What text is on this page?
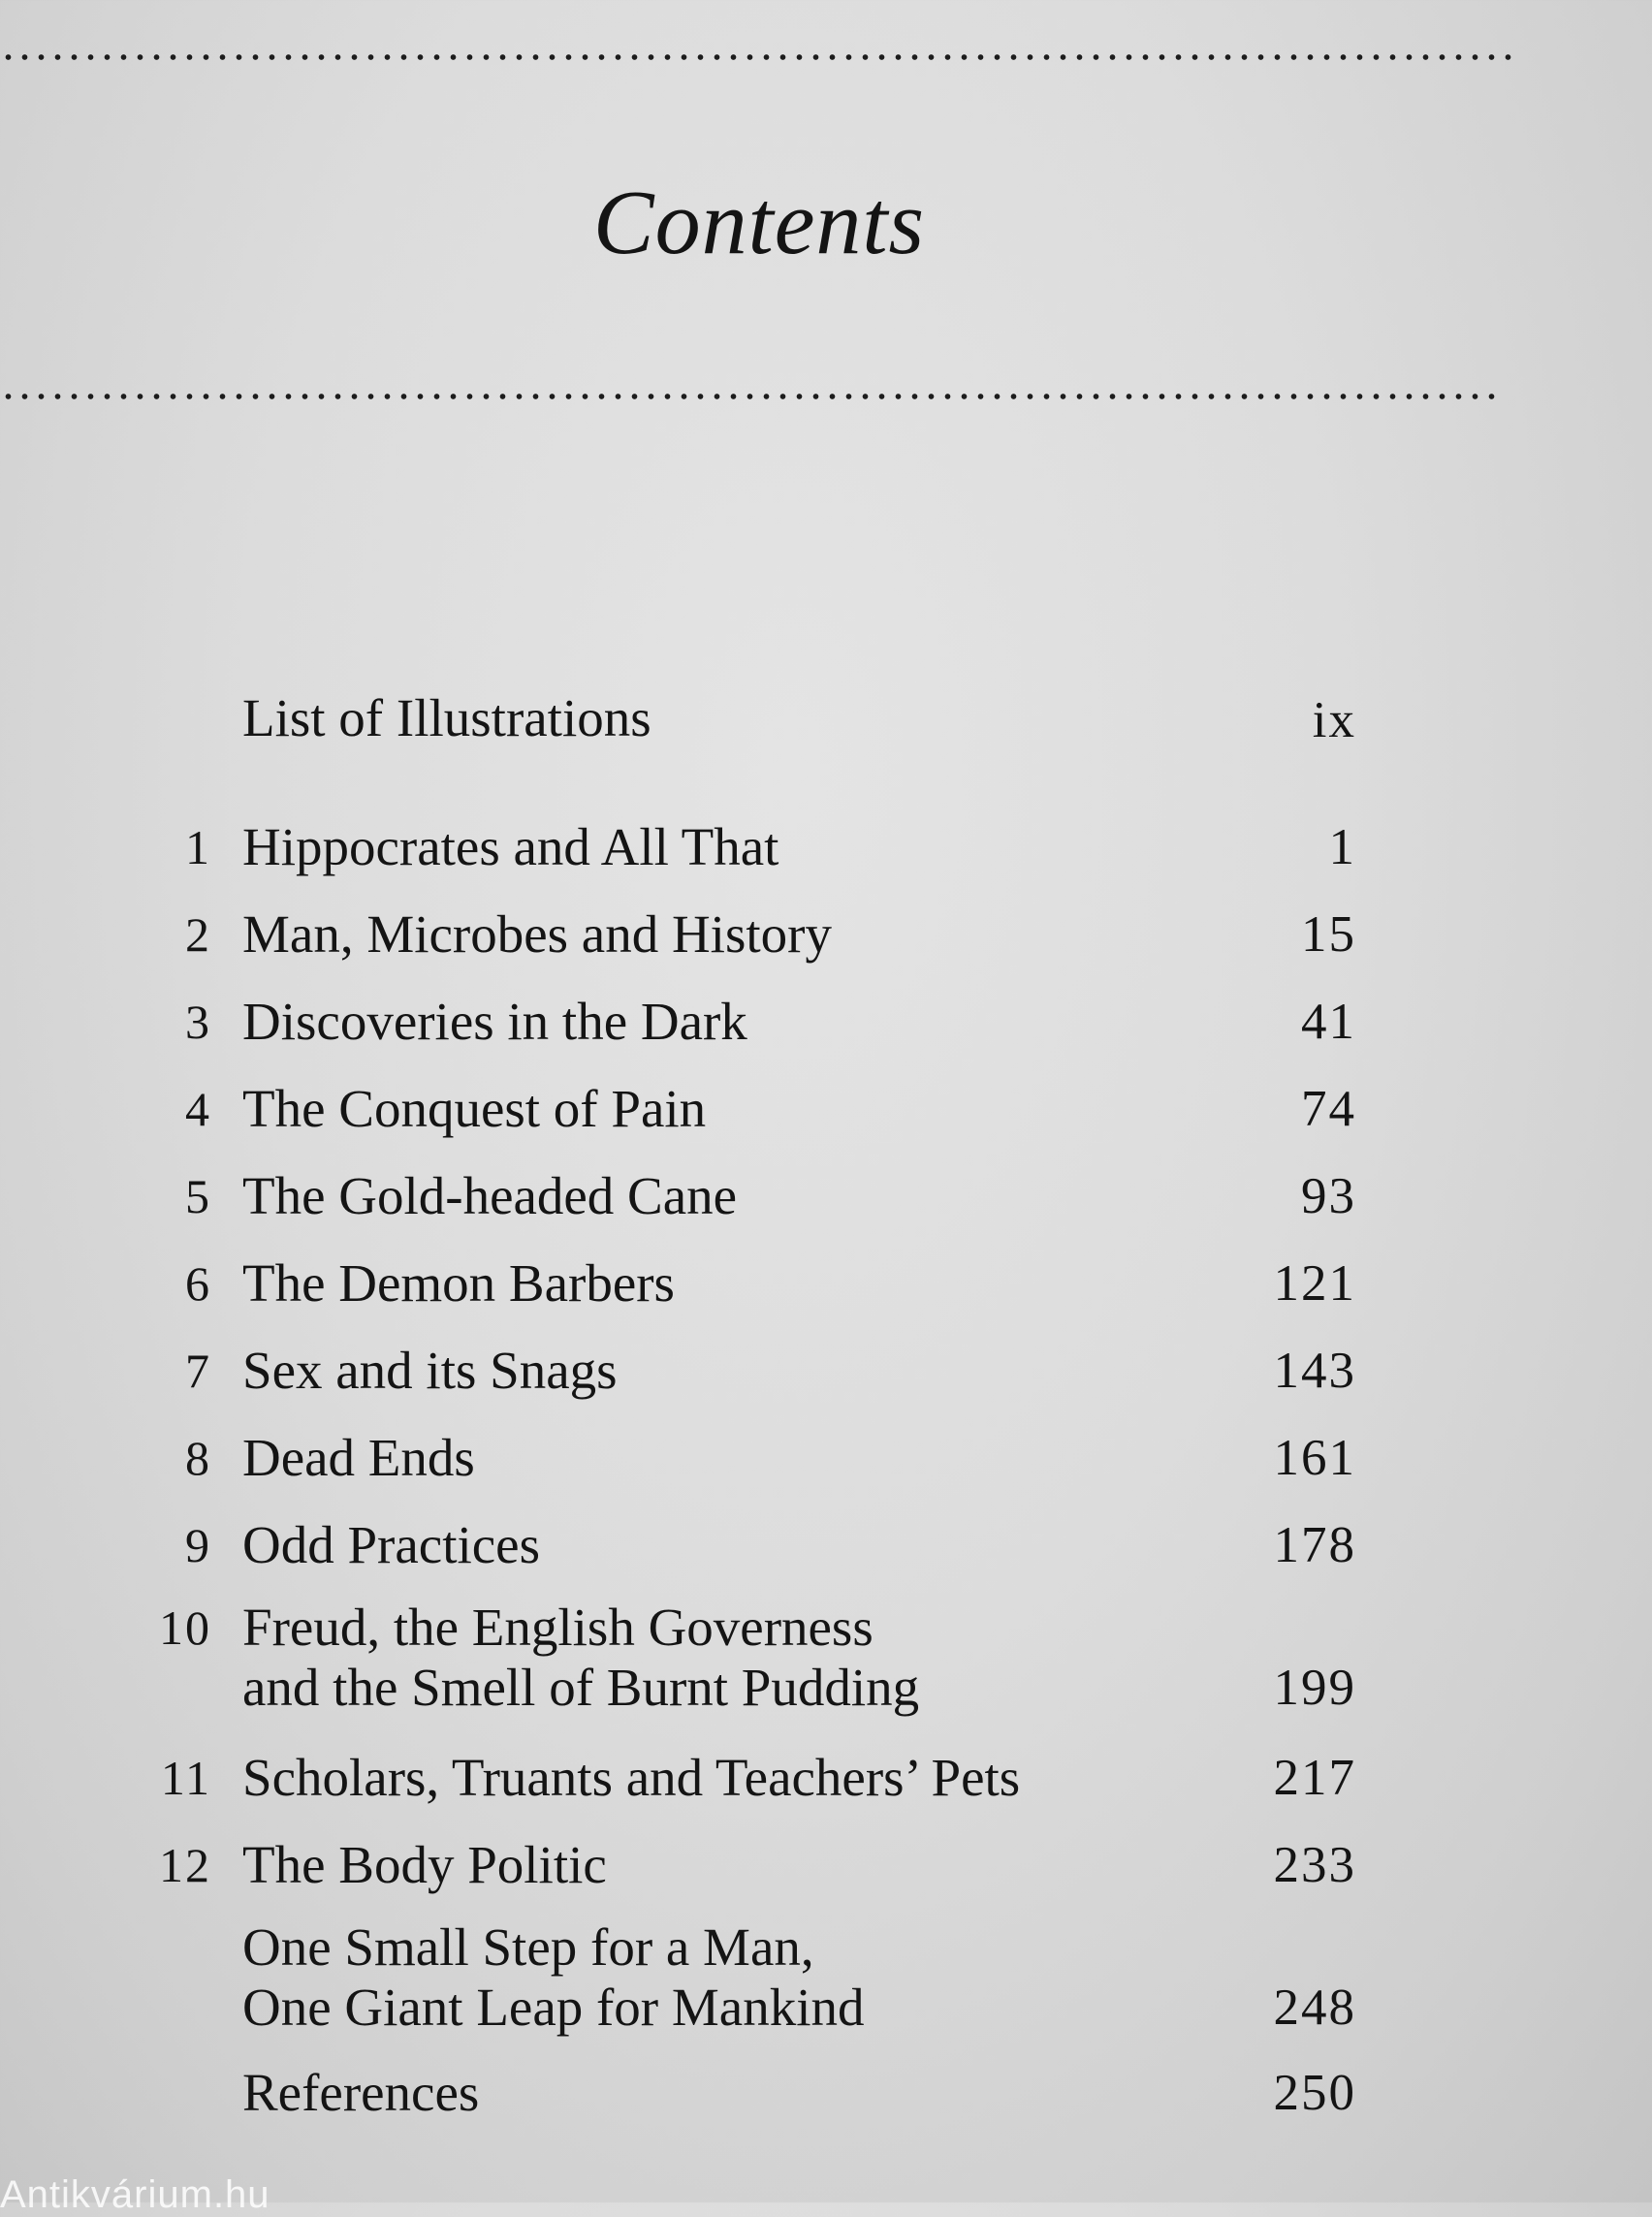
Contents
List of Illustrations	ix
1 Hippocrates and All That	1
2 Man, Microbes and History	15
3 Discoveries in the Dark	41
4 The Conquest of Pain	74
5 The Gold-headed Cane	93
6 The Demon Barbers	121
7 Sex and its Snags	143
8 Dead Ends	161
9 Odd Practices	178
10 Freud, the English Governess
and the Smell of Burnt Pudding	199
11 Scholars, Truants and Teachers’ Pets	217
12 The Body Politic	233
One Small Step for a Man,
One Giant Leap for Mankind	248
References	250
Antikvárium.hu
